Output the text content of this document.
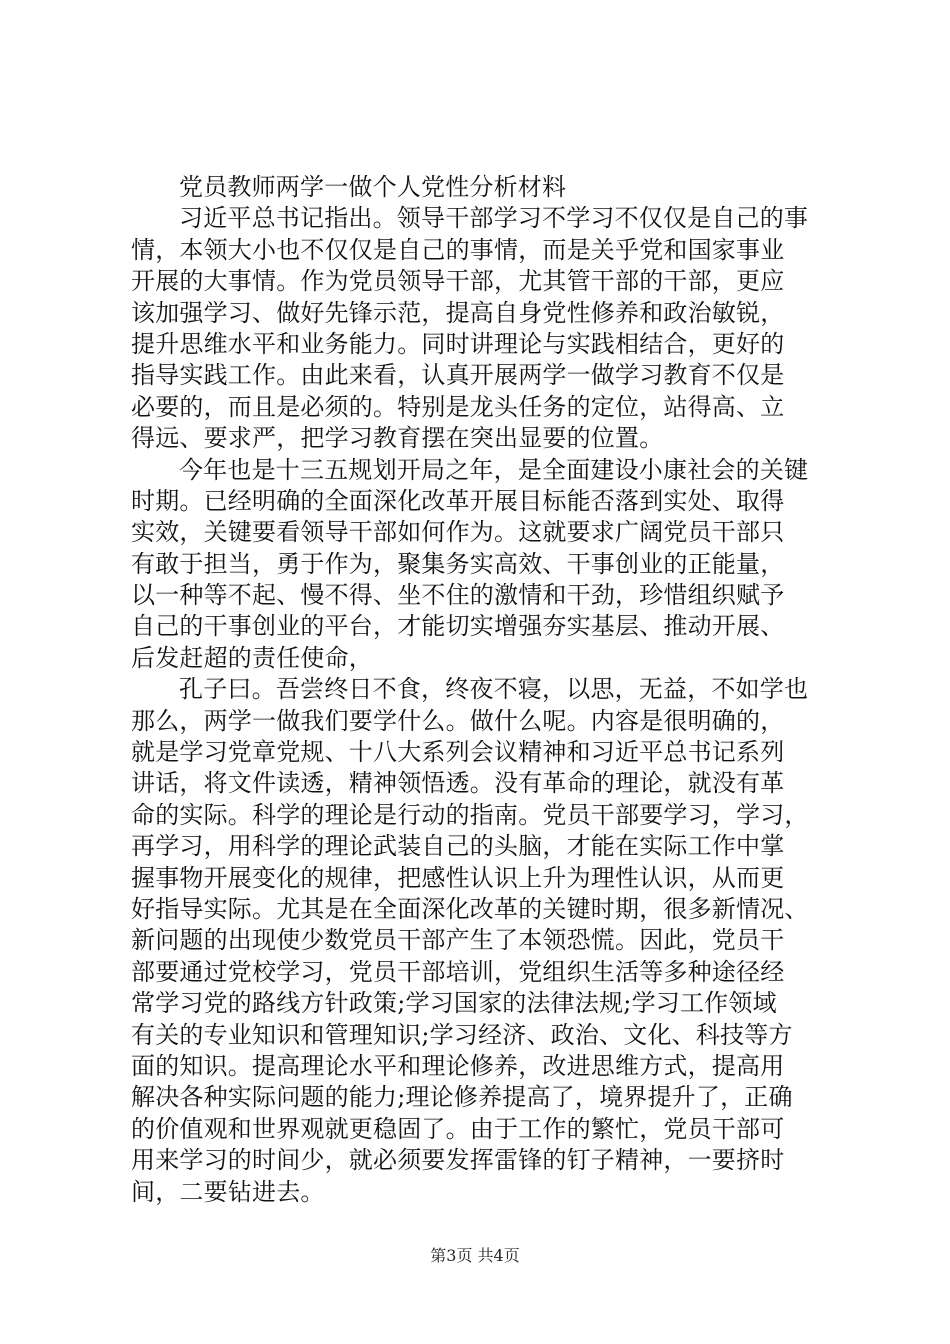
党员教师两学一做个人党性分析材料
习近平总书记指出。领导干部学习不学习不仅仅是自己的事
情，本领大小也不仅仅是自己的事情，而是关乎党和国家事业
开展的大事情。作为党员领导干部，尤其管干部的干部，更应
该加强学习、做好先锋示范，提高自身党性修养和政治敏锐，
提升思维水平和业务能力。同时讲理论与实践相结合，更好的
指导实践工作。由此来看，认真开展两学一做学习教育不仅是
必要的，而且是必须的。特别是龙头任务的定位，站得高、立
得远、要求严，把学习教育摆在突出显要的位置。
今年也是十三五规划开局之年，是全面建设小康社会的关键
时期。已经明确的全面深化改革开展目标能否落到实处、取得
实效，关键要看领导干部如何作为。这就要求广阔党员干部只
有敢于担当，勇于作为，聚集务实高效、干事创业的正能量，
以一种等不起、慢不得、坐不住的激情和干劲，珍惜组织赋予
自己的干事创业的平台，才能切实增强夯实基层、推动开展、
后发赶超的责任使命，
孔子曰。吾尝终日不食，终夜不寝，以思，无益，不如学也
那么，两学一做我们要学什么。做什么呢。内容是很明确的，
就是学习党章党规、十八大系列会议精神和习近平总书记系列
讲话，将文件读透，精神领悟透。没有革命的理论，就没有革
命的实际。科学的理论是行动的指南。党员干部要学习，学习，
再学习，用科学的理论武装自己的头脑，才能在实际工作中掌
握事物开展变化的规律，把感性认识上升为理性认识，从而更
好指导实际。尤其是在全面深化改革的关键时期，很多新情况、
新问题的出现使少数党员干部产生了本领恐慌。因此，党员干
部要通过党校学习，党员干部培训，党组织生活等多种途径经
常学习党的路线方针政策;学习国家的法律法规;学习工作领域
有关的专业知识和管理知识;学习经济、政治、文化、科技等方
面的知识。提高理论水平和理论修养，改进思维方式，提高用
解决各种实际问题的能力;理论修养提高了，境界提升了，正确
的价值观和世界观就更稳固了。由于工作的繁忙，党员干部可
用来学习的时间少，就必须要发挥雷锋的钉子精神，一要挤时
间，二要钻进去。
第3页 共4页
